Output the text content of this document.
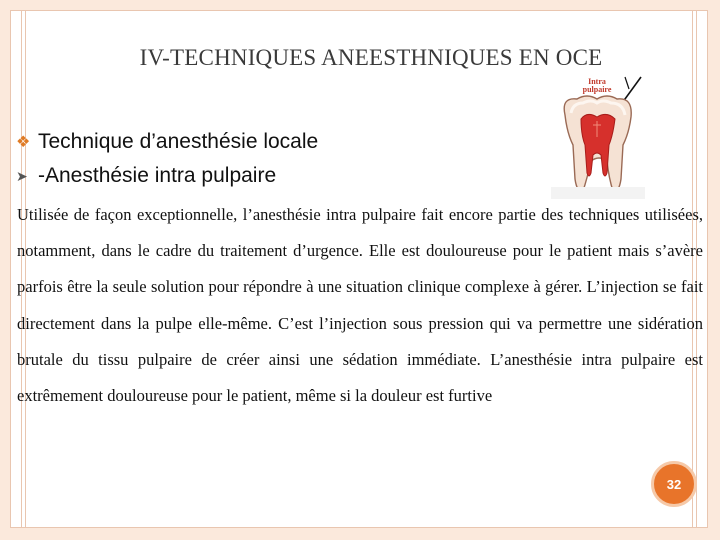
IV-TECHNIQUES ANEESTHNIQUES EN OCE
❖ Technique d’anesthésie locale
➤ -Anesthésie intra pulpaire
Intra
pulpaire
Utilisée de façon exceptionnelle, l’anesthésie intra pulpaire fait encore partie des techniques utilisées, notamment, dans le cadre du traitement d’urgence. Elle est douloureuse pour le patient mais s’avère parfois être la seule solution pour répondre à une situation clinique complexe à gérer. L’injection se fait directement dans la pulpe elle-même. C’est l’injection sous pression qui va permettre une sidération brutale du tissu pulpaire de créer ainsi une sédation immédiate. L’anesthésie intra pulpaire est extrêmement douloureuse pour le patient, même si la douleur est furtive
32
